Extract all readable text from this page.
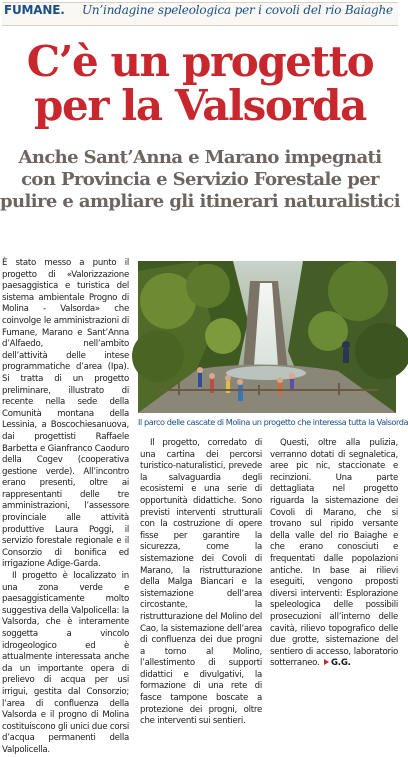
FUMANE. Un’indagine speleologica per i covoli del rio Baiaghe
C’è un progetto
per la Valsorda
Anche Sant’Anna e Marano impegnati
con Provincia e Servizio Forestale per
pulire e ampliare gli itinerari naturalistici

È stato messo a punto il progetto di «Valorizzazione paesaggistica e turistica del sistema ambientale Progno di Molina - Valsorda» che coinvolge le amministrazioni di Fumane, Marano e Sant’Anna d’Alfaedo, nell’ambito dell’attività delle intese programmatiche d’area (Ipa). Si tratta di un progetto preliminare, illustrato di recente nella sede della Comunità montana della Lessinia, a Boscochiesanuova, dai progettisti Raffaele Barbetta e Gianfranco Caoduro della Cogev (cooperativa gestione verde). All’incontro erano presenti, oltre ai rappresentanti delle tre amministrazioni, l’assessore provinciale alle attività produttive Laura Poggi, il servizio forestale regionale e il Consorzio di bonifica ed irrigazione Adige-Garda.

Il progetto è localizzato in una zona verde e paesaggisticamente molto suggestiva della Valpolicella: la Valsorda, che è interamente soggetta a vincolo idrogeologico ed è attualmente interessata anche da un importante opera di prelievo di acqua per usi irrigui, gestita dal Consorzio; l’area di confluenza della Valsorda e il progno di Molina costituiscono gli unici due corsi d’acqua permanenti della Valpolicella.

Il parco delle cascate di Molina un progetto che interessa tutta la Valsorda

Il progetto, corredato di una cartina dei percorsi turistico-naturalistici, prevede la salvaguardia degli ecosistemi e una serie di opportunità didattiche. Sono previsti interventi strutturali con la costruzione di opere fisse per garantire la sicurezza, come la sistemazione dei Covoli di Marano, la ristrutturazione della Malga Biancari e la sistemazione dell’area circostante, la ristrutturazione del Molino del Cao, la sistemazione dell’area di confluenza dei due progni a torno al Molino, l’allestimento di supporti didattici e divulgativi, la formazione di una rete di fasce tampone boscate a protezione dei progni, oltre che interventi sui sentieri.

Questi, oltre alla pulizia, verranno dotati di segnaletica, aree pic nic, staccionate e recinzioni. Una parte dettagliata nel progetto riguarda la sistemazione dei Covoli di Marano, che si trovano sul ripido versante della valle del rio Baiaghe e che erano conosciuti e frequentati dalle popolazioni antiche. In base ai rilievi eseguiti, vengono proposti diversi interventi: Esplorazione speleologica delle possibili prosecuzioni all’interno delle cavità, rilievo topografico delle due grotte, sistemazione del sentiero di accesso, laboratorio sotterraneo. G.G.
